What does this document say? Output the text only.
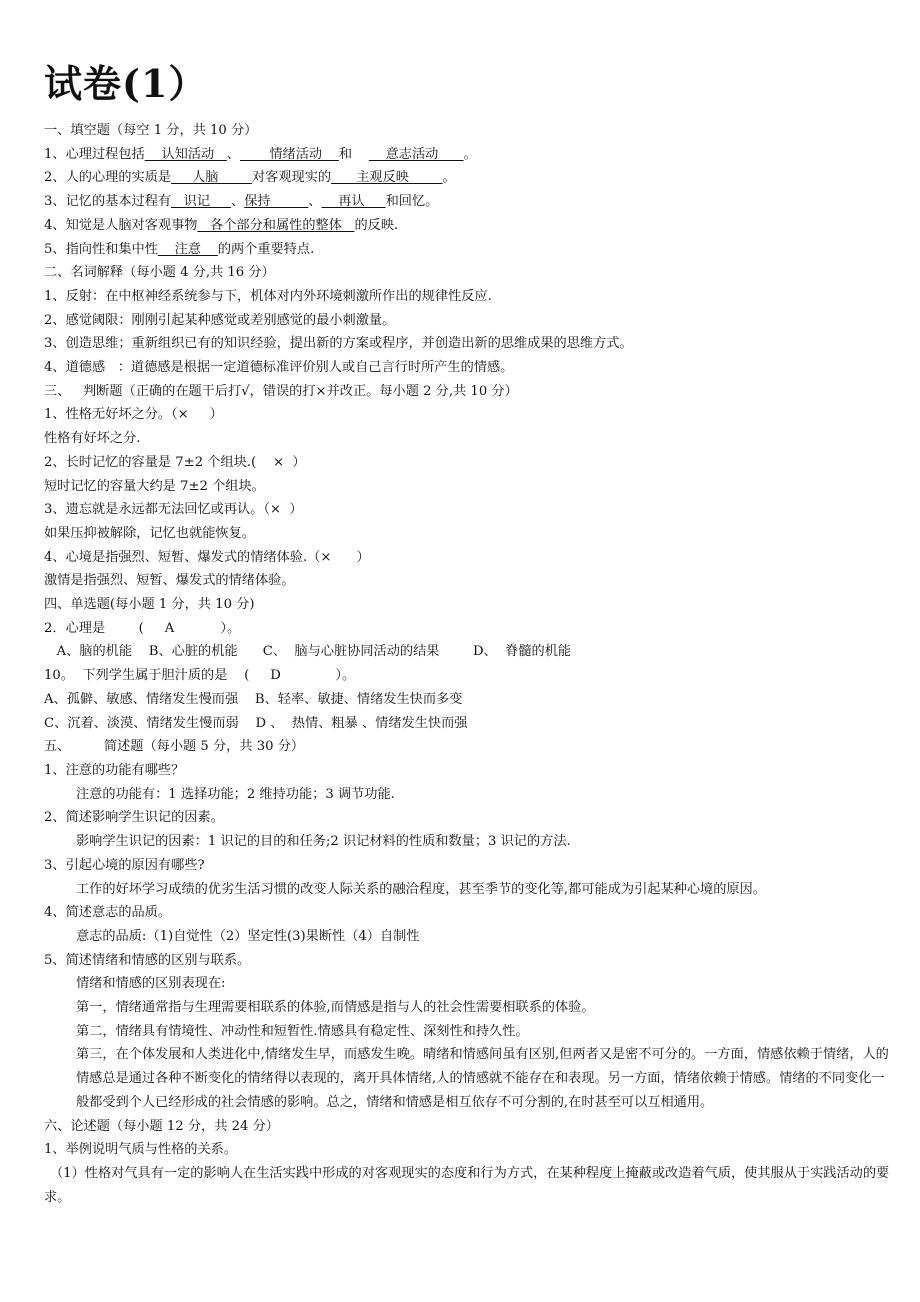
试卷(1）
一、填空题（每空 1 分，共 10 分）
1、心理过程包括    认知活动   、       情绪活动    和        意志活动      。
2、人的心理的实质是     人脑        对客观现实的      主观反映        。
3、记忆的基本过程有   识记     、保持         、    再认     和回忆。
4、知觉是人脑对客观事物   各个部分和属性的整体   的反映.
5、指向性和集中性    注意    的两个重要特点.
二、名词解释（每小题 4 分,共 16 分）
1、反射：在中枢神经系统参与下，机体对内外环境刺激所作出的规律性反应.
2、感觉阈限：刚刚引起某种感觉或差别感觉的最小刺激量。
3、创造思维；重新组织已有的知识经验，提出新的方案或程序，并创造出新的思维成果的思维方式。
4、道德感   ：道德感是根据一定道德标准评价别人或自己言行时所产生的情感。
三、   判断题（正确的在题干后打√，错误的打×并改正。每小题 2 分,共 10 分）
1、性格无好坏之分。（×     ）
性格有好坏之分.
2、长时记忆的容量是 7±2 个组块.(    ×  ）
短时记忆的容量大约是 7±2 个组块。
3、遗忘就是永远都无法回忆或再认。（×  ）
如果压抑被解除，记忆也就能恢复。
4、心境是指强烈、短暂、爆发式的情绪体验.（×      ）
激情是指强烈、短暂、爆发式的情绪体验。
四、单选题(每小题 1 分，共 10 分)
2．心理是        (     A           ）。
A、脑的机能    B、心脏的机能      C、  脑与心脏协同活动的结果        D、  脊髓的机能
10。  下列学生属于胆汁质的是    (     D             ）。
A、孤僻、敏感、情绪发生慢而强    B、轻率、敏捷、情绪发生快而多变
C、沉着、淡漠、情绪发生慢而弱    D 、  热情、粗暴 、情绪发生快而强
五、        简述题（每小题 5 分，共 30 分）
1、注意的功能有哪些？
注意的功能有：1 选择功能；2 维持功能；3 调节功能.
2、简述影响学生识记的因素。
影响学生识记的因素：1 识记的目的和任务;2 识记材料的性质和数量；3 识记的方法.
3、引起心境的原因有哪些?
工作的好坏学习成绩的优劣生活习惯的改变人际关系的融洽程度，甚至季节的变化等,都可能成为引起某种心境的原因。
4、简述意志的品质。
意志的品质:（1)自觉性（2）坚定性(3)果断性（4）自制性
5、简述情绪和情感的区别与联系。
情绪和情感的区别表现在:
第一，情绪通常指与生理需要相联系的体验,而情感是指与人的社会性需要相联系的体验。
第二，情绪具有情境性、冲动性和短暂性.情感具有稳定性、深刻性和持久性。
第三，在个体发展和人类进化中,情绪发生早，而感发生晚。晴绪和情感间虽有区别,但两者又是密不可分的。一方面，情感依赖于情绪，人的情感总是通过各种不断变化的情绪得以表现的，离开具体情绪,人的情感就不能存在和表现。另一方面，情绪依赖于情感。情绪的不同变化一般都受到个人已经形成的社会情感的影响。总之，情绪和情感是相互依存不可分割的,在时甚至可以互相通用。
六、论述题（每小题 12 分，共 24 分）
1、举例说明气质与性格的关系。
（1）性格对气具有一定的影响人在生活实践中形成的对客观现实的态度和行为方式，在某种程度上掩蔽或改造着气质，使其服从于实践活动的要求。
